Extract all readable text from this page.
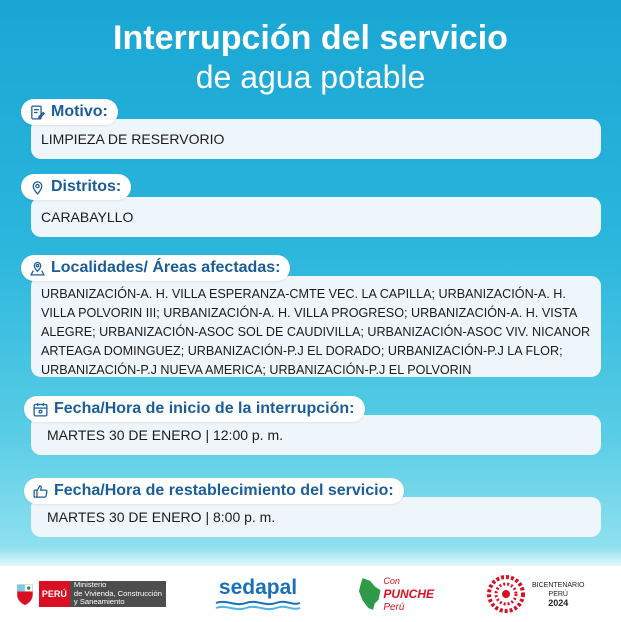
Interrupción del servicio
de agua potable
LIMPIEZA DE RESERVORIO
Motivo:
CARABAYLLO
Distritos:
URBANIZACIÓN-A. H. VILLA ESPERANZA-CMTE VEC. LA CAPILLA; URBANIZACIÓN-A. H. VILLA POLVORIN III; URBANIZACIÓN-A. H. VILLA PROGRESO; URBANIZACIÓN-A. H. VISTA ALEGRE; URBANIZACIÓN-ASOC SOL DE CAUDIVILLA; URBANIZACIÓN-ASOC VIV. NICANOR ARTEAGA DOMINGUEZ; URBANIZACIÓN-P.J EL DORADO; URBANIZACIÓN-P.J LA FLOR; URBANIZACIÓN-P.J NUEVA AMERICA; URBANIZACIÓN-P.J EL POLVORIN
Localidades/ Áreas afectadas:
MARTES 30 DE ENERO | 12:00 p. m.
Fecha/Hora de inicio de la interrupción:
MARTES 30 DE ENERO | 8:00 p. m.
Fecha/Hora de restablecimiento del servicio:
PERÚ
Ministerio
de Vivienda, Construcción
y Saneamiento
sedapal	Con
PUNCHE
Perú
BICENTENARIO
PERÚ
2024
